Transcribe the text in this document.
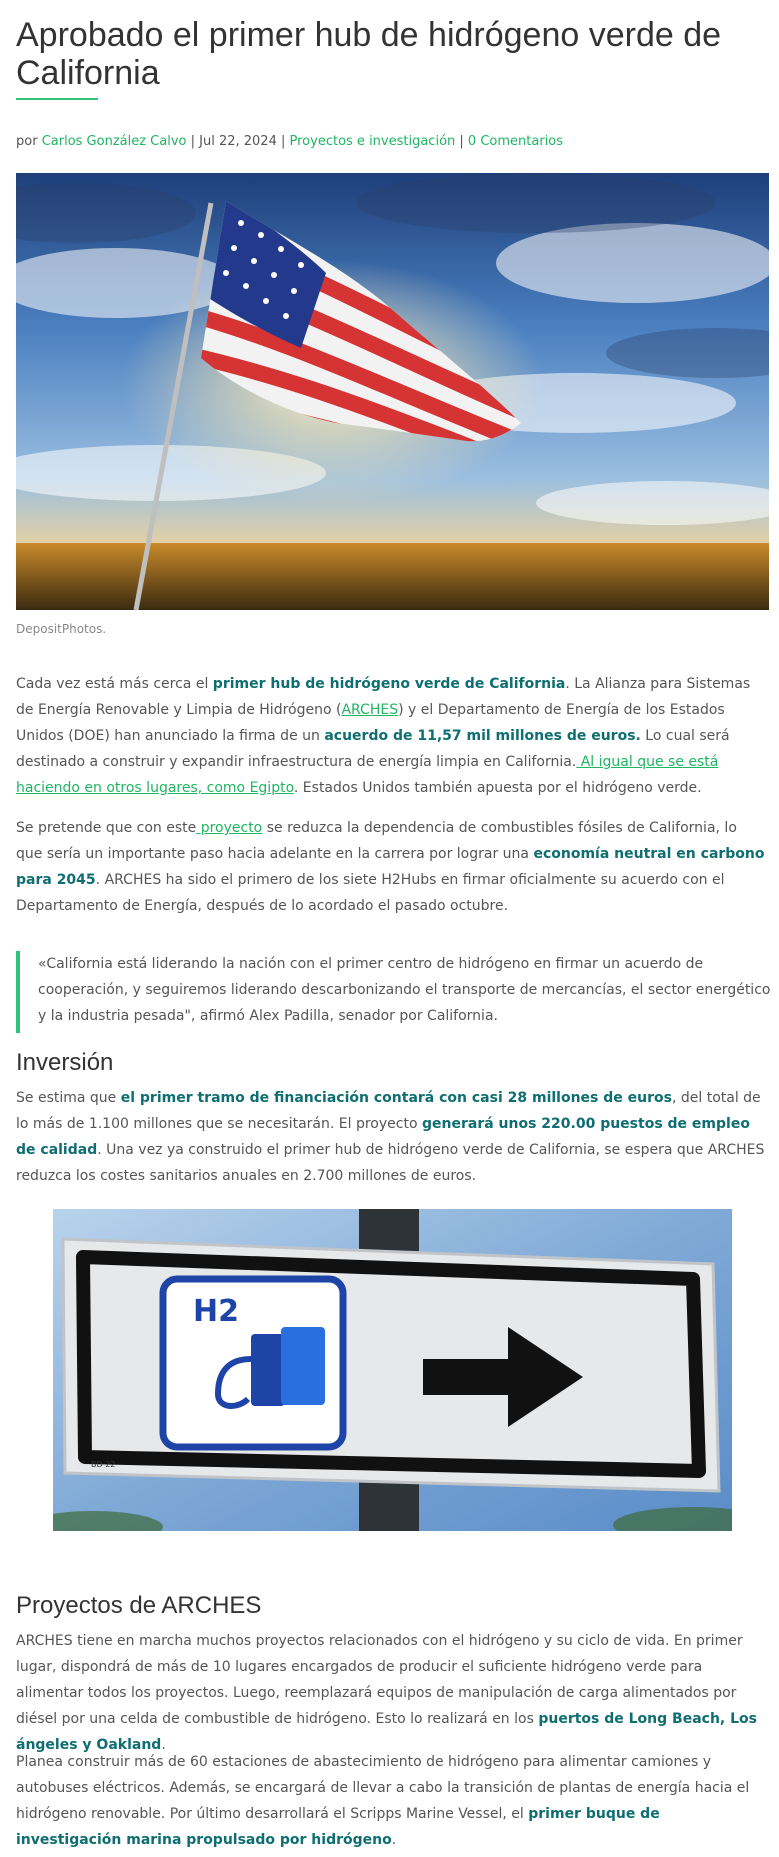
Aprobado el primer hub de hidrógeno verde de California
por Carlos González Calvo | Jul 22, 2024 | Proyectos e investigación | 0 Comentarios
DepositPhotos.

Cada vez está más cerca el primer hub de hidrógeno verde de California. La Alianza para Sistemas de Energía Renovable y Limpia de Hidrógeno (ARCHES) y el Departamento de Energía de los Estados Unidos (DOE) han anunciado la firma de un acuerdo de 11,57 mil millones de euros. Lo cual será destinado a construir y expandir infraestructura de energía limpia en California. Al igual que se está haciendo en otros lugares, como Egipto. Estados Unidos también apuesta por el hidrógeno verde.

Se pretende que con este proyecto se reduzca la dependencia de combustibles fósiles de California, lo que sería un importante paso hacia adelante en la carrera por lograr una economía neutral en carbono para 2045. ARCHES ha sido el primero de los siete H2Hubs en firmar oficialmente su acuerdo con el Departamento de Energía, después de lo acordado el pasado octubre.

«California está liderando la nación con el primer centro de hidrógeno en firmar un acuerdo de cooperación, y seguiremos liderando descarbonizando el transporte de mercancías, el sector energético y la industria pesada", afirmó Alex Padilla, senador por California.

Inversión

Se estima que el primer tramo de financiación contará con casi 28 millones de euros, del total de lo más de 1.100 millones que se necesitarán. El proyecto generará unos 220.00 puestos de empleo de calidad. Una vez ya construido el primer hub de hidrógeno verde de California, se espera que ARCHES reduzca los costes sanitarios anuales en 2.700 millones de euros.

H2
BD 22
Proyectos de ARCHES

ARCHES tiene en marcha muchos proyectos relacionados con el hidrógeno y su ciclo de vida. En primer lugar, dispondrá de más de 10 lugares encargados de producir el suficiente hidrógeno verde para alimentar todos los proyectos. Luego, reemplazará equipos de manipulación de carga alimentados por diésel por una celda de combustible de hidrógeno. Esto lo realizará en los puertos de Long Beach, Los ángeles y Oakland.

Planea construir más de 60 estaciones de abastecimiento de hidrógeno para alimentar camiones y autobuses eléctricos. Además, se encargará de llevar a cabo la transición de plantas de energía hacia el hidrógeno renovable. Por último desarrollará el Scripps Marine Vessel, el primer buque de investigación marina propulsado por hidrógeno.
